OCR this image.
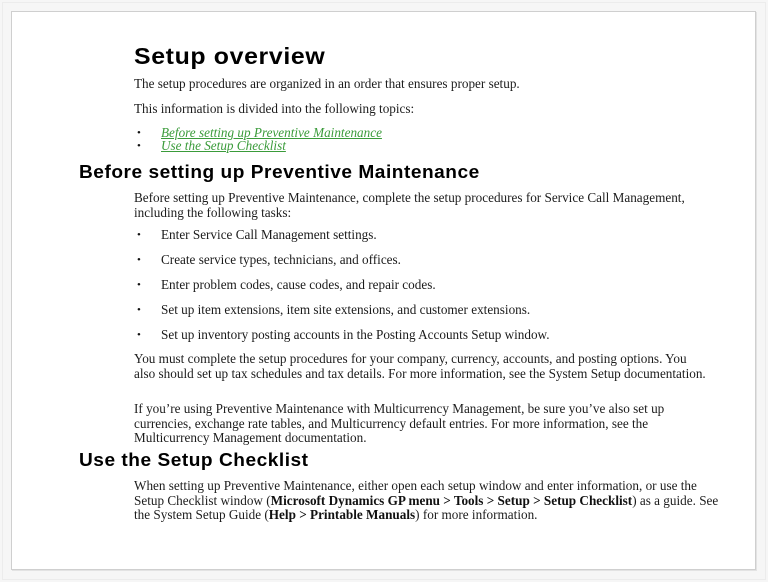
Setup overview

The setup procedures are organized in an order that ensures proper setup.

This information is divided into the following topics:

• Before setting up Preventive Maintenance
• Use the Setup Checklist
Before setting up Preventive Maintenance

Before setting up Preventive Maintenance, complete the setup procedures for Service Call Management, including the following tasks:

• Enter Service Call Management settings.
• Create service types, technicians, and offices.
• Enter problem codes, cause codes, and repair codes.
• Set up item extensions, item site extensions, and customer extensions.
• Set up inventory posting accounts in the Posting Accounts Setup window.

You must complete the setup procedures for your company, currency, accounts, and posting options. You also should set up tax schedules and tax details. For more information, see the System Setup documentation.

If you’re using Preventive Maintenance with Multicurrency Management, be sure you’ve also set up currencies, exchange rate tables, and Multicurrency default entries. For more information, see the Multicurrency Management documentation.

Use the Setup Checklist

When setting up Preventive Maintenance, either open each setup window and enter information, or use the Setup Checklist window (Microsoft Dynamics GP menu > Tools > Setup > Setup Checklist) as a guide. See the System Setup Guide (Help > Printable Manuals) for more information.
